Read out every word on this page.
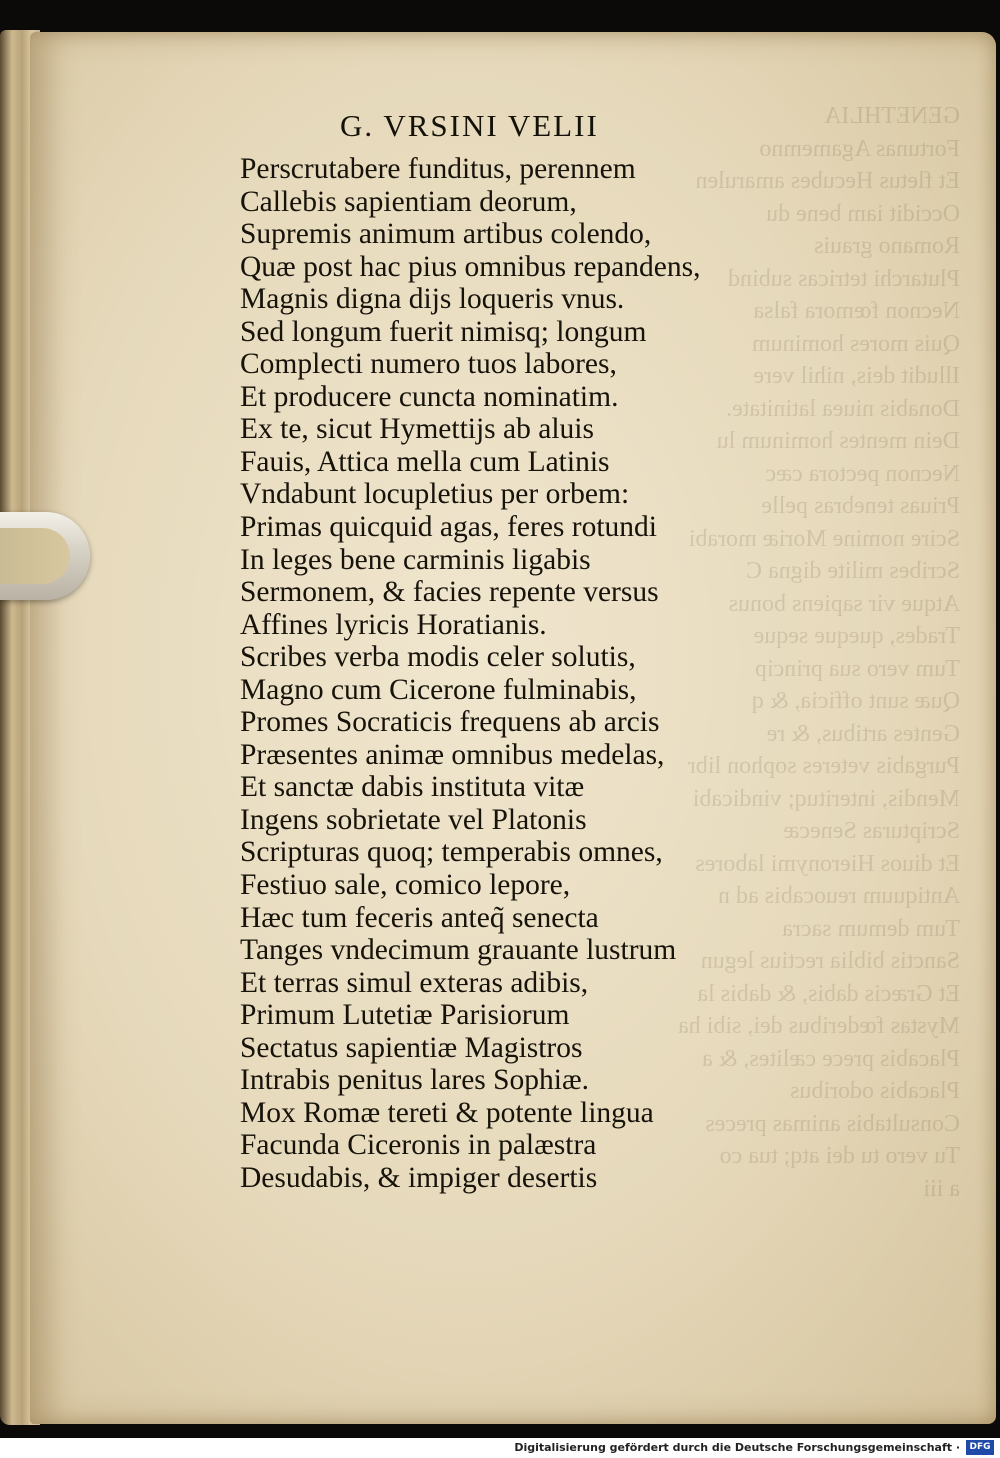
GENETHLIA
Fortunas Agamemno
Et fletus Hecubes amarulen
Occidit iam bene du
Romano grauis
Plutarchi tetricas subind
Necnon fœmora falsa
Quis mores hominum
Illudit deis, nihil vere
Donabis niuea latinitate.
Dein mentes hominum lu
Necnon pectora cæc
Priuas tenebras pelle
Scire nomine Moriæ morabi
Scribes milite digna C
Atque vir sapiens bonus
Trades, queque seque
Tum vero sua princip
Quæ sunt officia, & q
Gentes artibus, & re
Purgabis veteres sophon libr
Mendis, interituq; vindicabi
Scripturas Senecæ
Et diuos Hieronymi labores
Antiquum reuocabis ad n
Tum demum sacra
Sanctis biblia rectius legun
Et Græcis dabis, & dabis la
Mystas fœderibus dei, sibi ha
Placabis prece cælites, & a
Placabis odoribus
Consultabis animas preces
Tu vero tu dei atq; tua co
a iii
G. VRSINI VELII
Perscrutabere funditus, perennem
Callebis sapientiam deorum,
Supremis animum artibus colendo,
Quæ post hac pius omnibus repandens,
Magnis digna dijs loqueris vnus.
Sed longum fuerit nimisq; longum
Complecti numero tuos labores,
Et producere cuncta nominatim.
Ex te, sicut Hymettijs ab aluis
Fauis, Attica mella cum Latinis
Vndabunt locupletius per orbem:
Primas quicquid agas, feres rotundi
In leges bene carminis ligabis
Sermonem, & facies repente versus
Affines lyricis Horatianis.
Scribes verba modis celer solutis,
Magno cum Cicerone fulminabis,
Promes Socraticis frequens ab arcis
Præsentes animæ omnibus medelas,
Et sanctæ dabis instituta vitæ
Ingens sobrietate vel Platonis
Scripturas quoq; temperabis omnes,
Festiuo sale, comico lepore,
Hæc tum feceris anteq̃ senecta
Tanges vndecimum grauante lustrum
Et terras simul exteras adibis,
Primum Lutetiæ Parisiorum
Sectatus sapientiæ Magistros
Intrabis penitus lares Sophiæ.
Mox Romæ tereti & potente lingua
Facunda Ciceronis in palæstra
Desudabis, & impiger desertis
Digitalisierung gefördert durch die Deutsche Forschungsgemeinschaft ·	DFG
